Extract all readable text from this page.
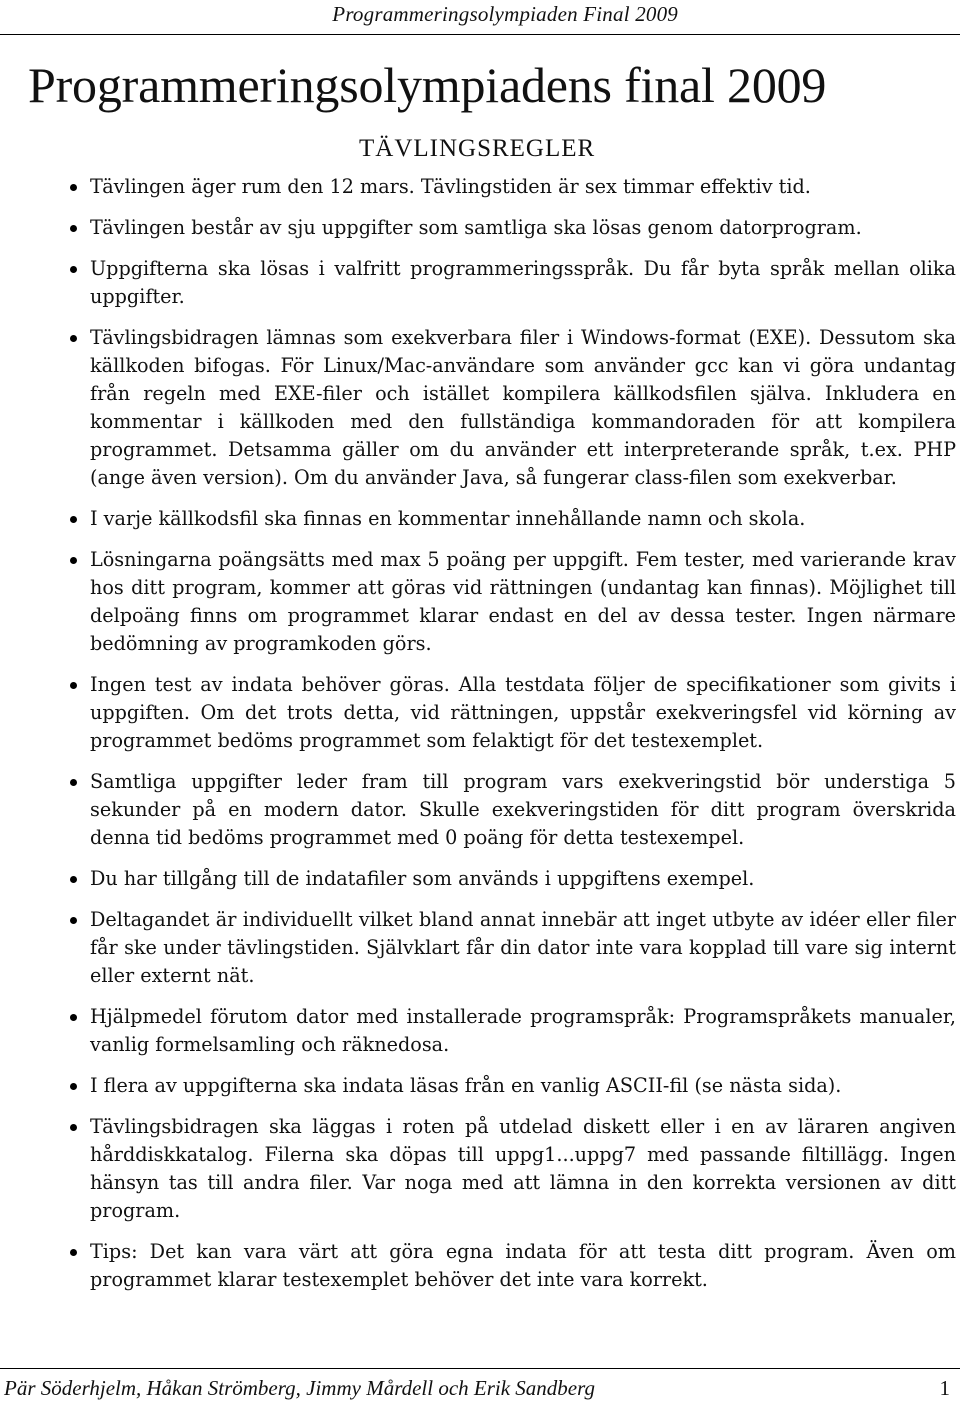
Programmeringsolympiaden Final 2009
Programmeringsolympiadens final 2009
TÄVLINGSREGLER
Tävlingen äger rum den 12 mars. Tävlingstiden är sex timmar effektiv tid.
Tävlingen består av sju uppgifter som samtliga ska lösas genom datorprogram.
Uppgifterna ska lösas i valfritt programmeringsspråk. Du får byta språk mellan olika uppgifter.
Tävlingsbidragen lämnas som exekverbara filer i Windows-format (EXE). Dessutom ska källkoden bifogas. För Linux/Mac-användare som använder gcc kan vi göra undantag från regeln med EXE-filer och istället kompilera källkodsfilen själva. Inkludera en kommentar i källkoden med den fullständiga kommandoraden för att kompilera programmet. Detsamma gäller om du använder ett interpreterande språk, t.ex. PHP (ange även version). Om du använder Java, så fungerar class-filen som exekverbar.
I varje källkodsfil ska finnas en kommentar innehållande namn och skola.
Lösningarna poängsätts med max 5 poäng per uppgift. Fem tester, med varierande krav hos ditt program, kommer att göras vid rättningen (undantag kan finnas). Möjlighet till delpoäng finns om programmet klarar endast en del av dessa tester. Ingen närmare bedömning av programkoden görs.
Ingen test av indata behöver göras. Alla testdata följer de specifikationer som givits i uppgiften. Om det trots detta, vid rättningen, uppstår exekveringsfel vid körning av programmet bedöms programmet som felaktigt för det testexemplet.
Samtliga uppgifter leder fram till program vars exekveringstid bör understiga 5 sekunder på en modern dator. Skulle exekveringstiden för ditt program överskrida denna tid bedöms programmet med 0 poäng för detta testexempel.
Du har tillgång till de indatafiler som används i uppgiftens exempel.
Deltagandet är individuellt vilket bland annat innebär att inget utbyte av idéer eller filer får ske under tävlingstiden. Självklart får din dator inte vara kopplad till vare sig internt eller externt nät.
Hjälpmedel förutom dator med installerade programspråk: Programspråkets manualer, vanlig formelsamling och räknedosa.
I flera av uppgifterna ska indata läsas från en vanlig ASCII-fil (se nästa sida).
Tävlingsbidragen ska läggas i roten på utdelad diskett eller i en av läraren angiven hårddiskkatalog. Filerna ska döpas till uppg1...uppg7 med passande filtillägg. Ingen hänsyn tas till andra filer. Var noga med att lämna in den korrekta versionen av ditt program.
Tips: Det kan vara värt att göra egna indata för att testa ditt program. Även om programmet klarar testexemplet behöver det inte vara korrekt.
Pär Söderhjelm, Håkan Strömberg, Jimmy Mårdell och Erik Sandberg	1
